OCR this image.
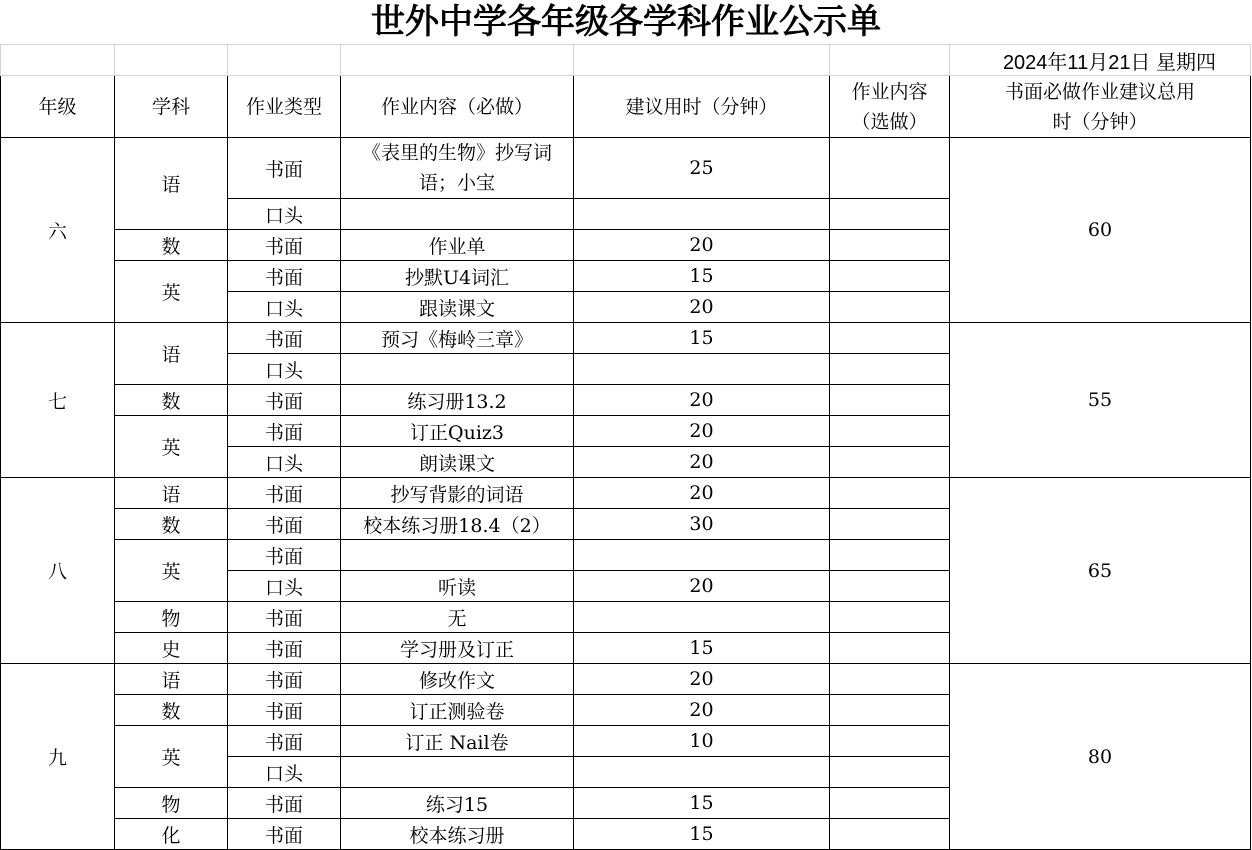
世外中学各年级各学科作业公示单
						2024年11月21日 星期四
年级	学科	作业类型	作业内容（必做）	建议用时（分钟）	作业内容（选做）	书面必做作业建议总用时（分钟）
六	语	书面	《表里的生物》抄写词语；小宝	25		60
		口头				
	数	书面	作业单	20		
	英	书面	抄默U4词汇	15		
		口头	跟读课文	20		
七	语	书面	预习《梅岭三章》	15		55
		口头				
	数	书面	练习册13.2	20		
	英	书面	订正Quiz3	20		
		口头	朗读课文	20		
八	语	书面	抄写背影的词语	20		65
	数	书面	校本练习册18.4（2）	30		
	英	书面				
		口头	听读	20		
	物	书面	无			
	史	书面	学习册及订正	15		
九	语	书面	修改作文	20		80
	数	书面	订正测验卷	20		
	英	书面	订正 Nail卷	10		
		口头				
	物	书面	练习15	15		
	化	书面	校本练习册	15		
